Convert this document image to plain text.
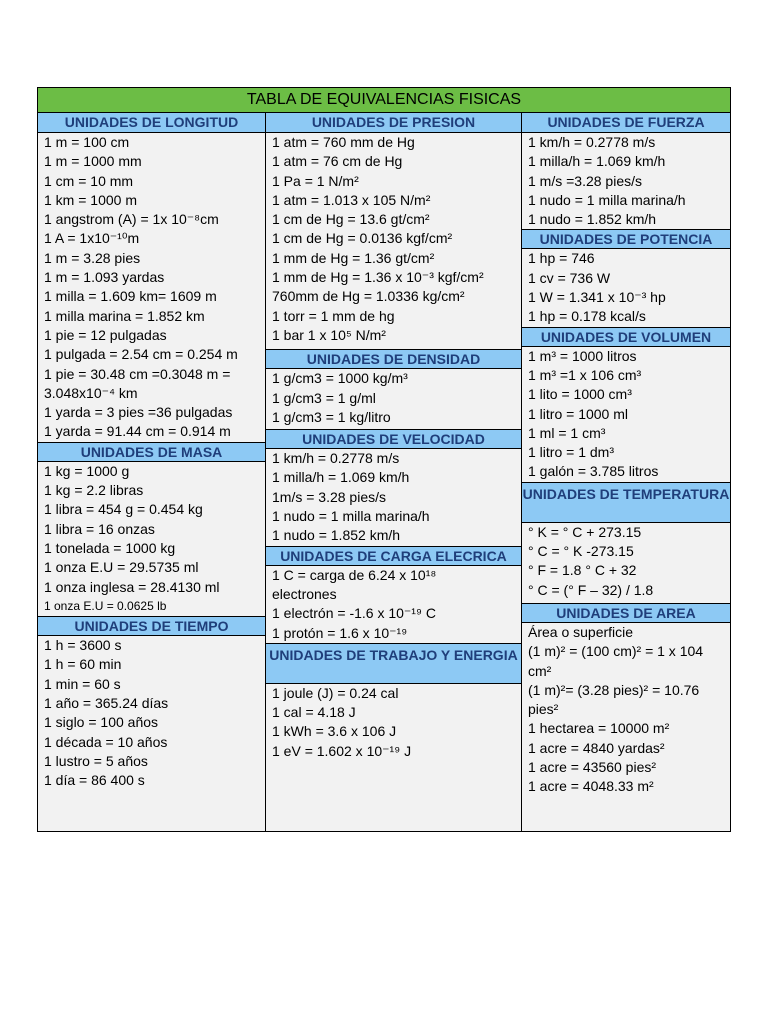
TABLA DE EQUIVALENCIAS FISICAS
UNIDADES DE LONGITUD
1 m = 100 cm
1 m = 1000 mm
1 cm = 10 mm
1 km = 1000 m
1 angstrom (A) = 1x 10⁻⁸cm
1 A = 1x10⁻¹⁰m
1 m = 3.28 pies
1 m = 1.093 yardas
1 milla = 1.609 km= 1609 m
1 milla marina = 1.852 km
1 pie = 12 pulgadas
1 pulgada = 2.54 cm = 0.254 m
1 pie = 30.48 cm =0.3048 m =
3.048x10⁻⁴ km
1 yarda = 3 pies =36 pulgadas
1 yarda = 91.44 cm = 0.914 m
UNIDADES DE MASA
1 kg = 1000 g
1 kg = 2.2 libras
1 libra = 454 g = 0.454 kg
1 libra = 16 onzas
1 tonelada = 1000 kg
1 onza E.U = 29.5735 ml
1 onza inglesa = 28.4130 ml
1 onza E.U = 0.0625 lb
UNIDADES DE TIEMPO
1 h = 3600 s
1 h = 60 min
1 min = 60 s
1 año = 365.24 días
1 siglo = 100 años
1 década = 10 años
1 lustro = 5 años
1 día = 86 400 s
UNIDADES DE PRESION
1 atm = 760 mm de Hg
1 atm = 76 cm de Hg
1 Pa = 1 N/m²
1 atm = 1.013 x 105 N/m²
1 cm de Hg = 13.6 gt/cm²
1 cm de Hg = 0.0136 kgf/cm²
1 mm de Hg = 1.36 gt/cm²
1 mm de Hg = 1.36 x 10⁻³ kgf/cm²
760mm de Hg = 1.0336 kg/cm²
1 torr = 1 mm de hg
1 bar 1 x 10⁵ N/m²
UNIDADES DE DENSIDAD
1 g/cm3 = 1000 kg/m³
1 g/cm3 = 1 g/ml
1 g/cm3 = 1 kg/litro
UNIDADES DE VELOCIDAD
1 km/h = 0.2778 m/s
1 milla/h = 1.069 km/h
1m/s = 3.28 pies/s
1 nudo = 1 milla marina/h
1 nudo = 1.852 km/h
UNIDADES DE CARGA ELECRICA
1 C = carga de 6.24 x 10¹⁸
electrones
1 electrón = -1.6 x 10⁻¹⁹ C
1 protón = 1.6 x 10⁻¹⁹
UNIDADES DE TRABAJO Y ENERGIA
1 joule (J) = 0.24 cal
1 cal = 4.18 J
1 kWh = 3.6 x 106 J
1 eV = 1.602 x 10⁻¹⁹ J
UNIDADES DE FUERZA
1 km/h = 0.2778 m/s
1 milla/h = 1.069 km/h
1 m/s =3.28 pies/s
1 nudo = 1 milla marina/h
1 nudo = 1.852 km/h
UNIDADES DE POTENCIA
1 hp = 746
1 cv = 736 W
1 W = 1.341 x 10⁻³ hp
1 hp = 0.178 kcal/s
UNIDADES DE VOLUMEN
1 m³ = 1000 litros
1 m³ =1 x 106 cm³
1 lito = 1000 cm³
1 litro = 1000 ml
1 ml = 1 cm³
1 litro = 1 dm³
1 galón = 3.785 litros
UNIDADES DE TEMPERATURA
° K = ° C + 273.15
° C = ° K -273.15
° F = 1.8 ° C + 32
° C = (° F – 32) / 1.8
UNIDADES DE AREA
Área o superficie
(1 m)² = (100 cm)² = 1 x 104
cm²
(1 m)²= (3.28 pies)² = 10.76
pies²
1 hectarea = 10000 m²
1 acre = 4840 yardas²
1 acre = 43560 pies²
1 acre = 4048.33 m²
